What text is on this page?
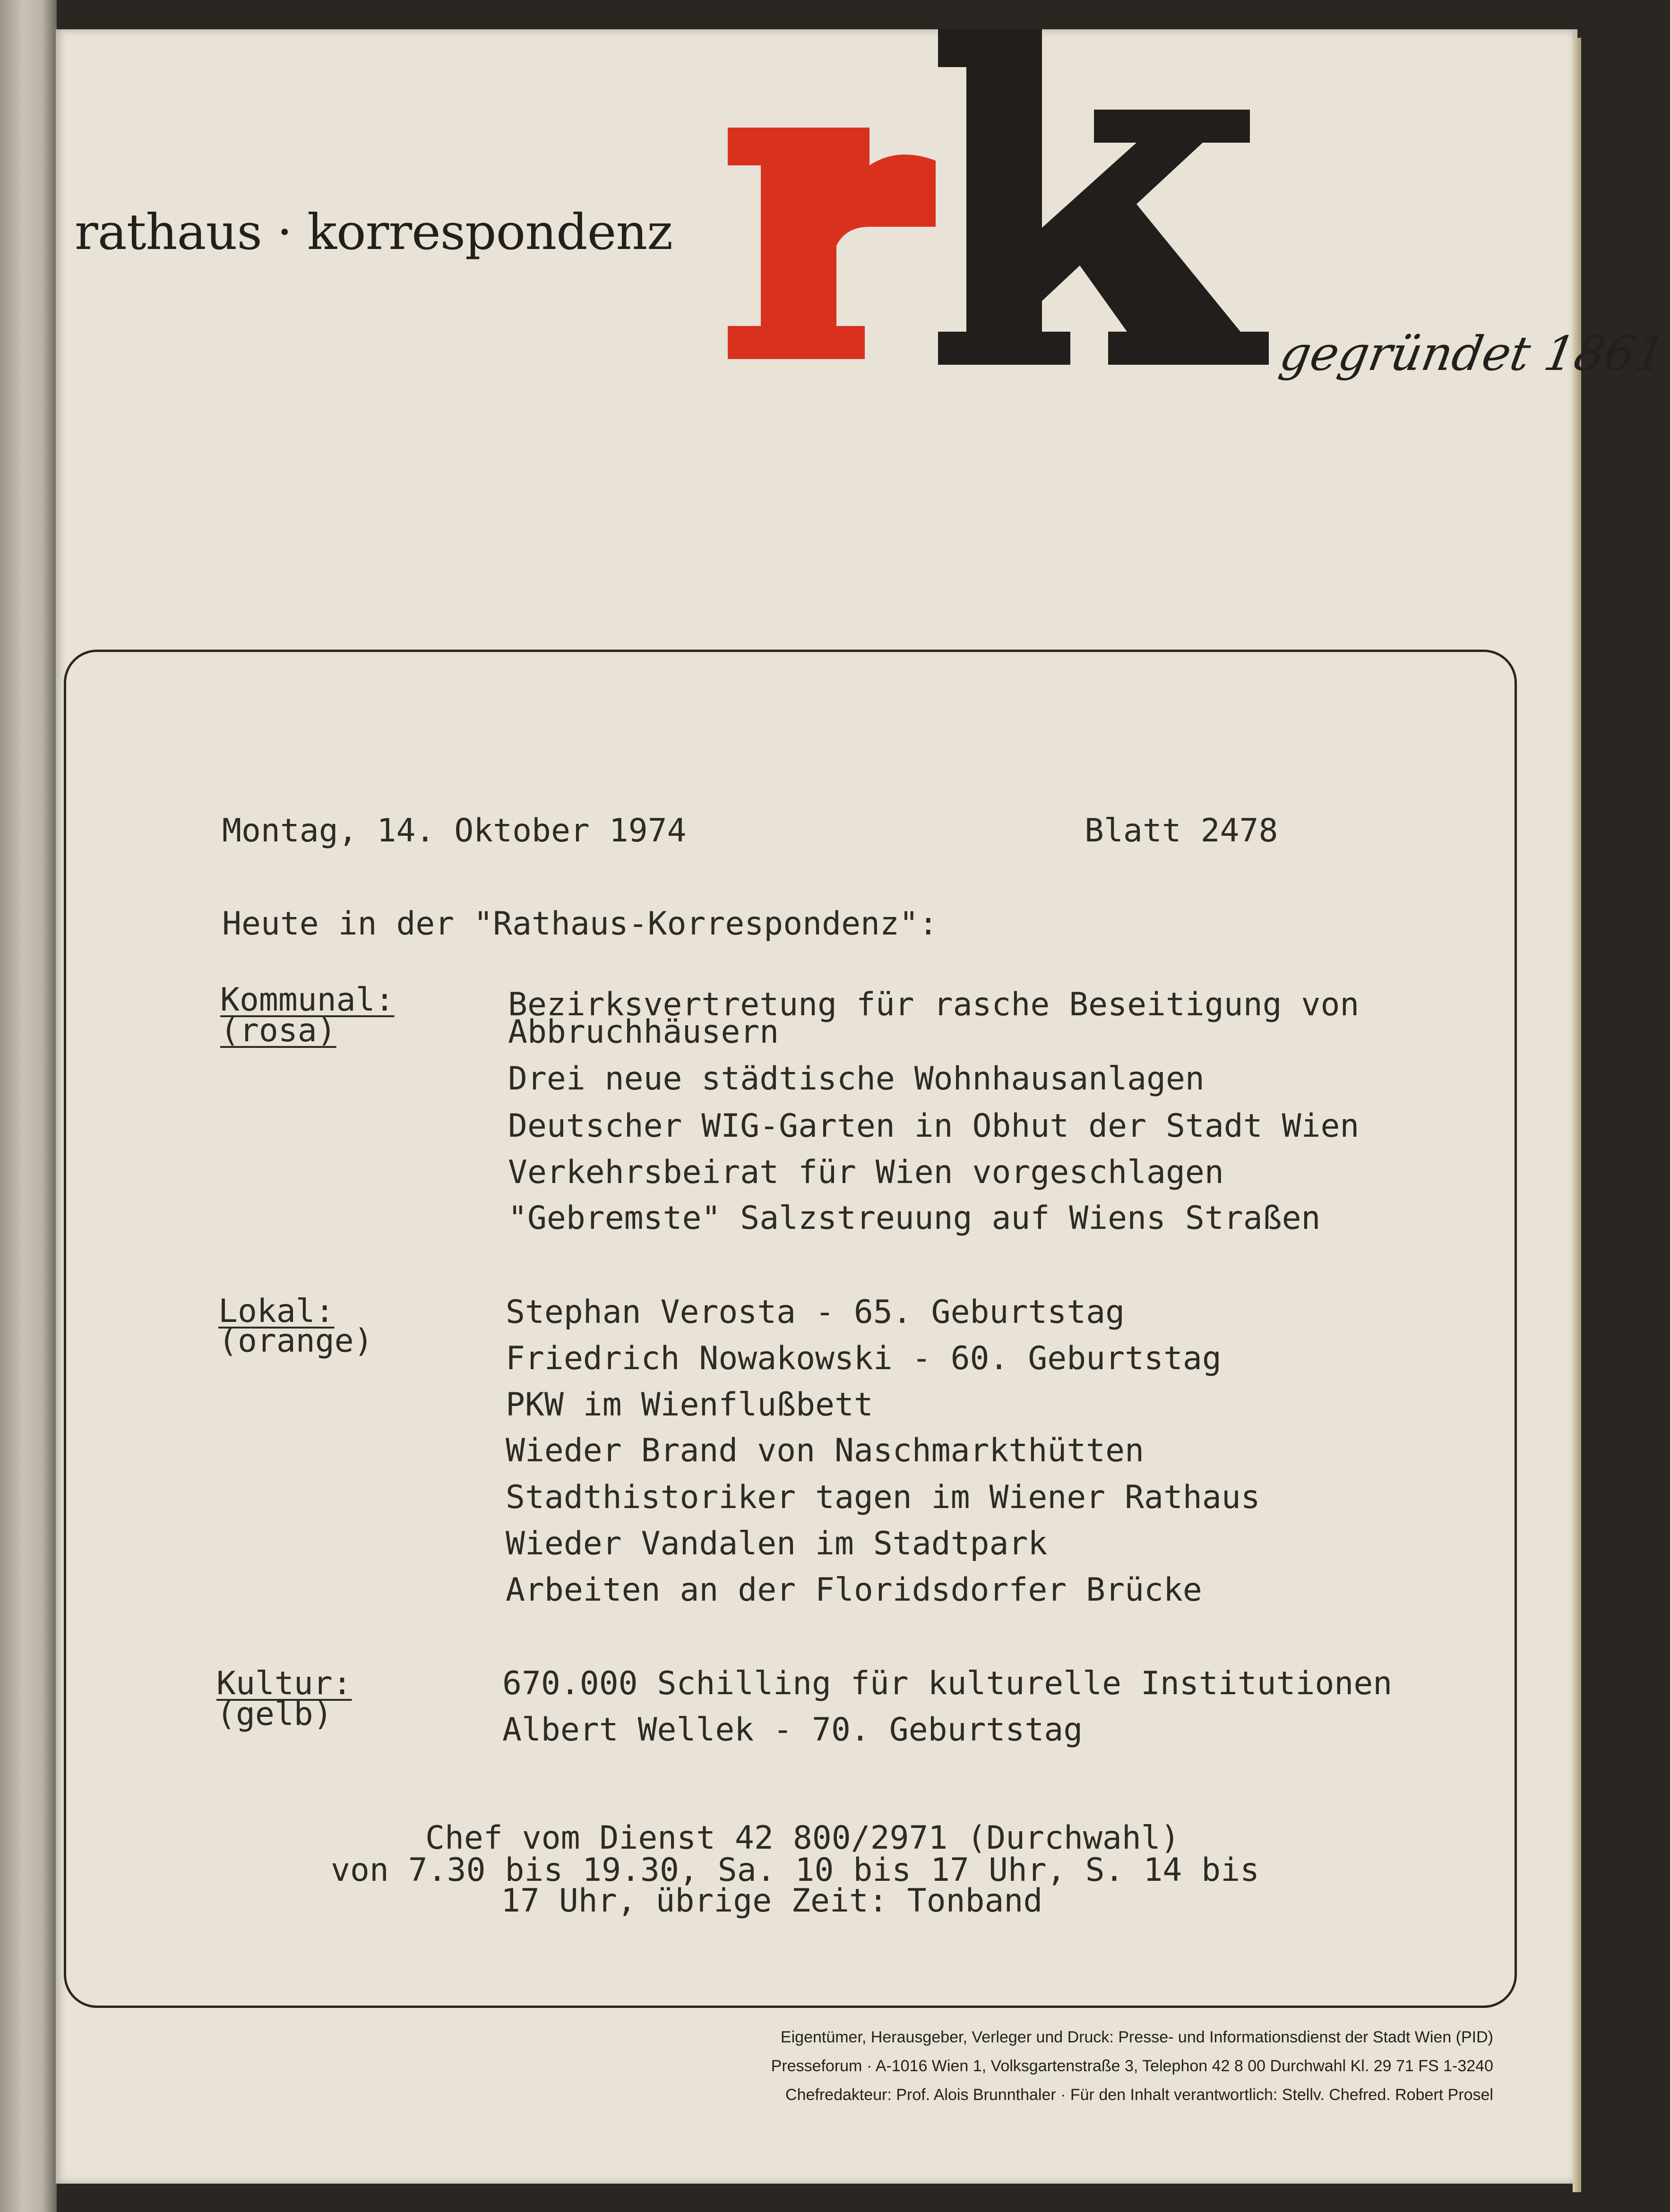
rathaus · korrespondenz
gegründet 1861
Montag, 14. Oktober 1974	Blatt 2478
Heute in der "Rathaus-Korrespondenz":
Kommunal:
(rosa)
Bezirksvertretung für rasche Beseitigung von
Abbruchhäusern
Drei neue städtische Wohnhausanlagen
Deutscher WIG-Garten in Obhut der Stadt Wien
Verkehrsbeirat für Wien vorgeschlagen
"Gebremste" Salzstreuung auf Wiens Straßen
Lokal:
(orange)
Stephan Verosta - 65. Geburtstag
Friedrich Nowakowski - 60. Geburtstag
PKW im Wienflußbett
Wieder Brand von Naschmarkthütten
Stadthistoriker tagen im Wiener Rathaus
Wieder Vandalen im Stadtpark
Arbeiten an der Floridsdorfer Brücke
Kultur:
(gelb)
670.000 Schilling für kulturelle Institutionen
Albert Wellek - 70. Geburtstag
Chef vom Dienst 42 800/2971 (Durchwahl)
von 7.30 bis 19.30, Sa. 10 bis 17 Uhr, S. 14 bis
17 Uhr, übrige Zeit: Tonband
Eigentümer, Herausgeber, Verleger und Druck: Presse- und Informationsdienst der Stadt Wien (PID)
Presseforum · A-1016 Wien 1, Volksgartenstraße 3, Telephon 42 8 00 Durchwahl Kl. 29 71 FS 1-3240
Chefredakteur: Prof. Alois Brunnthaler · Für den Inhalt verantwortlich: Stellv. Chefred. Robert Prosel
